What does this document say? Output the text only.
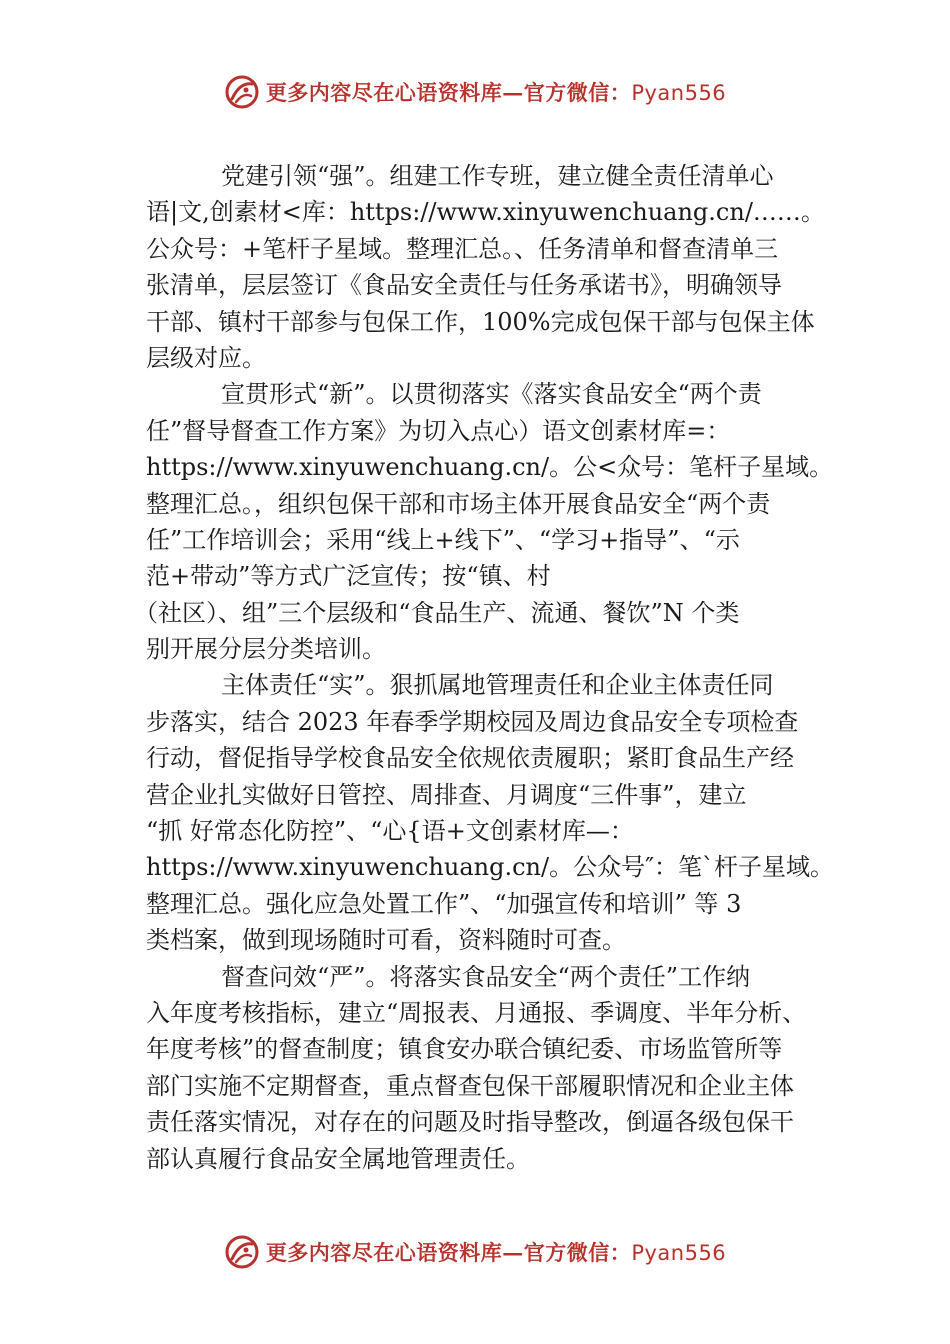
更多内容尽在心语资料库—官方微信：Pyan556

党建引领“强”。组建工作专班，建立健全责任清单心

语|文,创素材<库：https://www.xinyuwenchuang.cn/……。

公众号：+笔杆子星域。整理汇总。、任务清单和督查清单三

张清单，层层签订《食品安全责任与任务承诺书》，明确领导

干部、镇村干部参与包保工作，100%完成包保干部与包保主体

层级对应。

宣贯形式“新”。以贯彻落实《落实食品安全“两个责

任”督导督查工作方案》为切入点心）语文创素材库=：

https://www.xinyuwenchuang.cn/。公<众号：笔杆子星域。

整理汇总。，组织包保干部和市场主体开展食品安全“两个责

任”工作培训会；采用“线上+线下”、“学习+指导”、“示

范+带动”等方式广泛宣传；按“镇、村

（社区）、组”三个层级和“食品生产、流通、餐饮”N 个类

别开展分层分类培训。

主体责任“实”。狠抓属地管理责任和企业主体责任同

步落实，结合 2023 年春季学期校园及周边食品安全专项检查

行动，督促指导学校食品安全依规依责履职；紧盯食品生产经

营企业扎实做好日管控、周排查、月调度“三件事”，建立

“抓 好常态化防控”、“心{语+文创素材库—：

https://www.xinyuwenchuang.cn/。公众号″：笔`杆子星域。

整理汇总。强化应急处置工作”、“加强宣传和培训” 等 3

类档案，做到现场随时可看，资料随时可查。

督查问效“严”。将落实食品安全“两个责任”工作纳

入年度考核指标，建立“周报表、月通报、季调度、半年分析、

年度考核”的督查制度；镇食安办联合镇纪委、市场监管所等

部门实施不定期督查，重点督查包保干部履职情况和企业主体

责任落实情况，对存在的问题及时指导整改，倒逼各级包保干

部认真履行食品安全属地管理责任。

更多内容尽在心语资料库—官方微信：Pyan556
